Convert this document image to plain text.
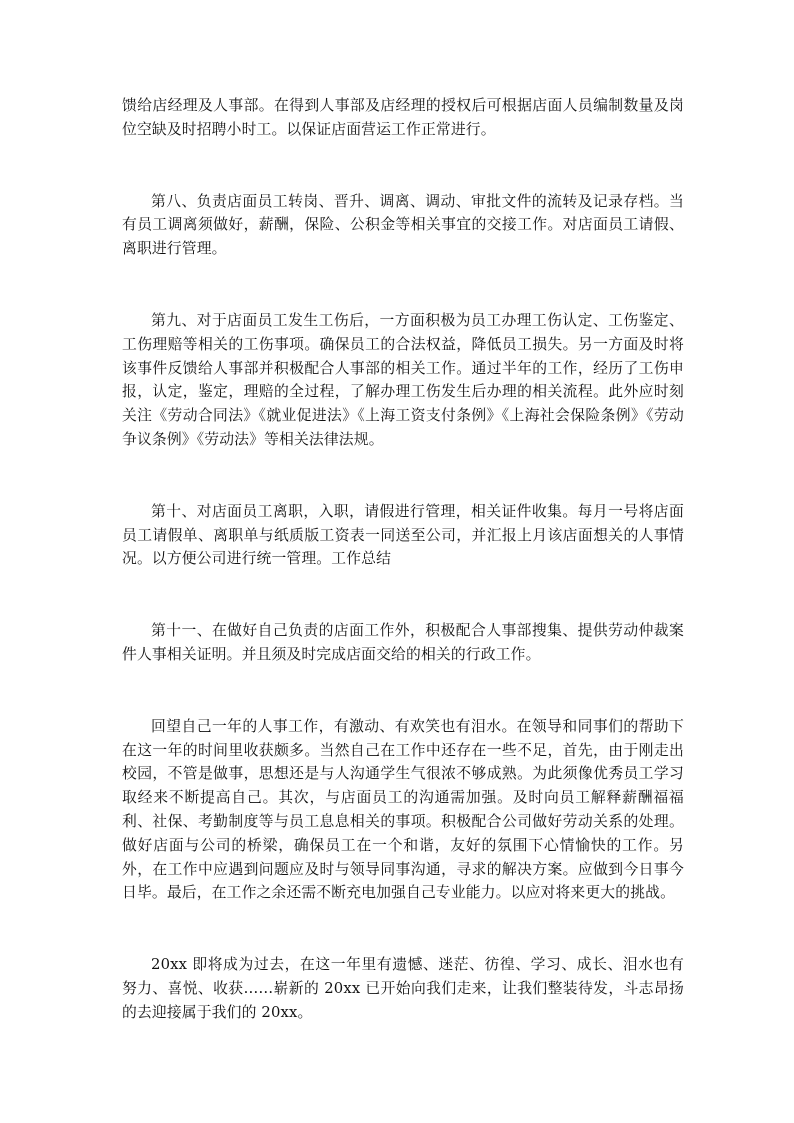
馈给店经理及人事部。在得到人事部及店经理的授权后可根据店面人员编制数量及岗位空缺及时招聘小时工。以保证店面营运工作正常进行。

第八、负责店面员工转岗、晋升、调离、调动、审批文件的流转及记录存档。当有员工调离须做好，薪酬，保险、公积金等相关事宜的交接工作。对店面员工请假、离职进行管理。

第九、对于店面员工发生工伤后，一方面积极为员工办理工伤认定、工伤鉴定、工伤理赔等相关的工伤事项。确保员工的合法权益，降低员工损失。另一方面及时将该事件反馈给人事部并积极配合人事部的相关工作。通过半年的工作，经历了工伤申报，认定，鉴定，理赔的全过程，了解办理工伤发生后办理的相关流程。此外应时刻关注《劳动合同法》《就业促进法》《上海工资支付条例》《上海社会保险条例》《劳动争议条例》《劳动法》等相关法律法规。

第十、对店面员工离职，入职，请假进行管理，相关证件收集。每月一号将店面员工请假单、离职单与纸质版工资表一同送至公司，并汇报上月该店面想关的人事情况。以方便公司进行统一管理。工作总结

第十一、在做好自己负责的店面工作外，积极配合人事部搜集、提供劳动仲裁案件人事相关证明。并且须及时完成店面交给的相关的行政工作。

回望自己一年的人事工作，有激动、有欢笑也有泪水。在领导和同事们的帮助下在这一年的时间里收获颇多。当然自己在工作中还存在一些不足，首先，由于刚走出校园，不管是做事，思想还是与人沟通学生气很浓不够成熟。为此须像优秀员工学习取经来不断提高自己。其次，与店面员工的沟通需加强。及时向员工解释薪酬福福利、社保、考勤制度等与员工息息相关的事项。积极配合公司做好劳动关系的处理。做好店面与公司的桥梁，确保员工在一个和谐，友好的氛围下心情愉快的工作。另外，在工作中应遇到问题应及时与领导同事沟通，寻求的解决方案。应做到今日事今日毕。最后，在工作之余还需不断充电加强自己专业能力。以应对将来更大的挑战。

20xx 即将成为过去，在这一年里有遗憾、迷茫、彷徨、学习、成长、泪水也有努力、喜悦、收获……崭新的 20xx 已开始向我们走来，让我们整装待发，斗志昂扬的去迎接属于我们的 20xx。
